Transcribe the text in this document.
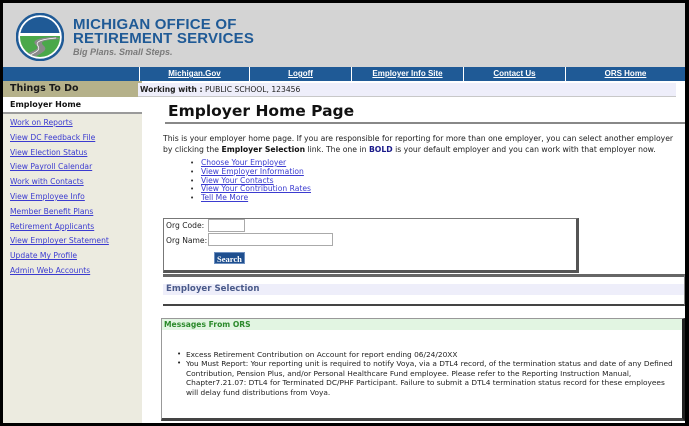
MICHIGAN OFFICE OF
RETIREMENT SERVICES
Big Plans. Small Steps.
Michigan.Gov	Logoff	Employer Info Site	Contact Us	ORS Home
Things To Do
Employer Home
Work on Reports
View DC Feedback File
View Election Status
View Payroll Calendar
Work with Contacts
View Employee Info
Member Benefit Plans
Retirement Applicants
View Employer Statement
Update My Profile
Admin Web Accounts
Working with : PUBLIC SCHOOL, 123456
Employer Home Page
This is your employer home page. If you are responsible for reporting for more than one employer, you can select another employer by clicking the Employer Selection link. The one in BOLD is your default employer and you can work with that employer now.
• Choose Your Employer
• View Employer Information
• View Your Contacts
• View Your Contribution Rates
• Tell Me More
Org Code:
Org Name:
Search
Employer Selection
Messages From ORS
• Excess Retirement Contribution on Account for report ending 06/24/20XX
• You Must Report: Your reporting unit is required to notify Voya, via a DTL4 record, of the termination status and date of any Defined Contribution, Pension Plus, and/or Personal Healthcare Fund employee. Please refer to the Reporting Instruction Manual, Chapter7.21.07: DTL4 for Terminated DC/PHF Participant. Failure to submit a DTL4 termination status record for these employees will delay fund distributions from Voya.
